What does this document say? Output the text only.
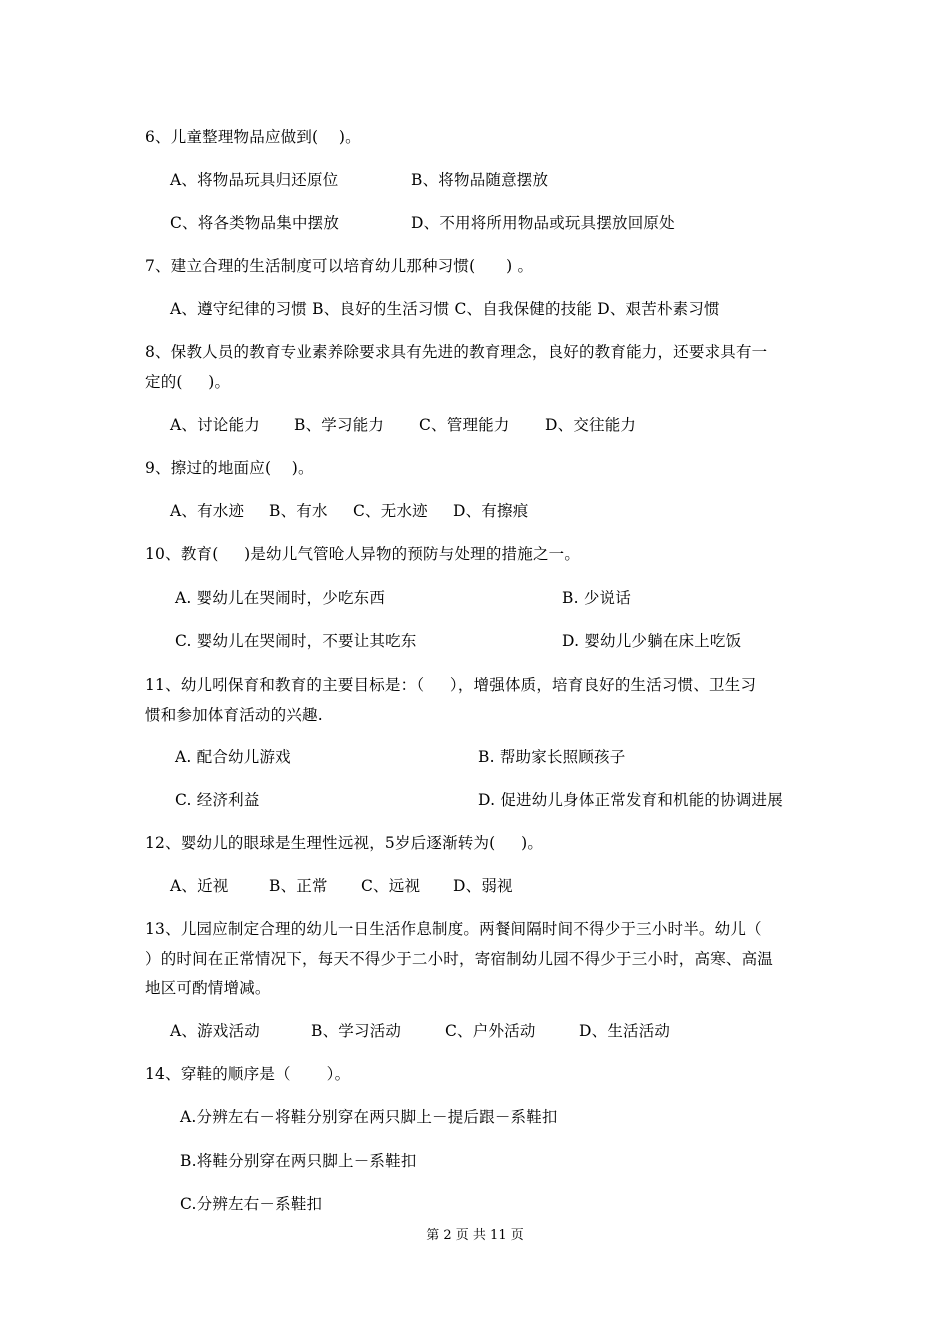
6、儿童整理物品应做到(    )。
A、将物品玩具归还原位	B、将物品随意摆放
C、将各类物品集中摆放	D、不用将所用物品或玩具摆放回原处
7、建立合理的生活制度可以培育幼儿那种习惯(      ) 。
A、遵守纪律的习惯 B、良好的生活习惯 C、自我保健的技能 D、艰苦朴素习惯
8、保教人员的教育专业素养除要求具有先进的教育理念，良好的教育能力，还要求具有一
定的(     )。
A、讨论能力 B、学习能力 C、管理能力 D、交往能力
9、擦过的地面应(    )。
A、有水迹 B、有水 C、无水迹 D、有擦痕
10、教育(     )是幼儿气管呛人异物的预防与处理的措施之一。
A. 婴幼儿在哭闹时，少吃东西	B. 少说话
C. 婴幼儿在哭闹时，不要让其吃东	D. 婴幼儿少躺在床上吃饭
11、幼儿吲保育和教育的主要目标是：（     ），增强体质，培育良好的生活习惯、卫生习
惯和参加体育活动的兴趣.
A. 配合幼儿游戏	B. 帮助家长照顾孩子
C. 经济利益	D. 促进幼儿身体正常发育和机能的协调进展
12、婴幼儿的眼球是生理性远视，5岁后逐渐转为(     )。
A、近视	B、正常 C、远视 D、弱视
13、儿园应制定合理的幼儿一日生活作息制度。两餐间隔时间不得少于三小时半。幼儿（
）的时间在正常情况下，每天不得少于二小时，寄宿制幼儿园不得少于三小时，高寒、高温
地区可酌情增减。
A、游戏活动	B、学习活动	C、户外活动	D、生活活动
14、穿鞋的顺序是（       ）。
A.分辨左右－将鞋分别穿在两只脚上－提后跟－系鞋扣
B.将鞋分别穿在两只脚上－系鞋扣
C.分辨左右－系鞋扣
第 2 页 共 11 页
